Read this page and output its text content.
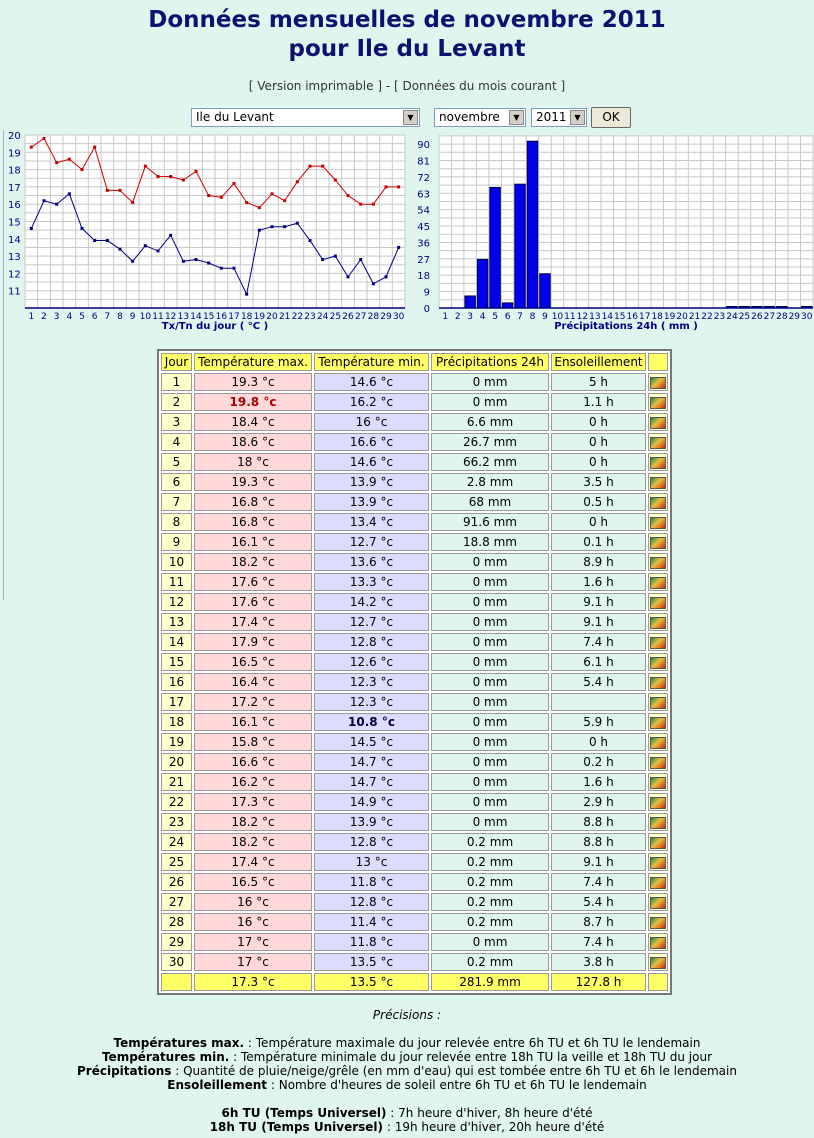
Données mensuelles de novembre 2011
pour Ile du Levant
[ Version imprimable ] - [ Données du mois courant ]
Ile du Levant	▼	novembre	▼	2011 ▼	OK
11
12
13
14
15
16
17
18
19
20
1 2 3 4 5 6 7 8 9 10 11 12 13 14 15 16 17 18 19 20 21 22 23 24 25 26 27 28 29 30
Tx/Tn du jour ( °C )
0
9
18
27
36
45
54
63
72
81
90
1 2 3 4 5 6 7 8 9 10 11 12 13 14 15 16 17 18 19 20 21 22 23 24 25 26 27 28 29 30
Précipitations 24h ( mm )
Jour	Température max.	Température min.	Précipitations 24h	Ensoleillement	
1	19.3 °c	14.6 °c	0 mm	5 h	
2	19.8 °c	16.2 °c	0 mm	1.1 h	
3	18.4 °c	16 °c	6.6 mm	0 h	
4	18.6 °c	16.6 °c	26.7 mm	0 h	
5	18 °c	14.6 °c	66.2 mm	0 h	
6	19.3 °c	13.9 °c	2.8 mm	3.5 h	
7	16.8 °c	13.9 °c	68 mm	0.5 h	
8	16.8 °c	13.4 °c	91.6 mm	0 h	
9	16.1 °c	12.7 °c	18.8 mm	0.1 h	
10	18.2 °c	13.6 °c	0 mm	8.9 h	
11	17.6 °c	13.3 °c	0 mm	1.6 h	
12	17.6 °c	14.2 °c	0 mm	9.1 h	
13	17.4 °c	12.7 °c	0 mm	9.1 h	
14	17.9 °c	12.8 °c	0 mm	7.4 h	
15	16.5 °c	12.6 °c	0 mm	6.1 h	
16	16.4 °c	12.3 °c	0 mm	5.4 h	
17	17.2 °c	12.3 °c	0 mm		
18	16.1 °c	10.8 °c	0 mm	5.9 h	
19	15.8 °c	14.5 °c	0 mm	0 h	
20	16.6 °c	14.7 °c	0 mm	0.2 h	
21	16.2 °c	14.7 °c	0 mm	1.6 h	
22	17.3 °c	14.9 °c	0 mm	2.9 h	
23	18.2 °c	13.9 °c	0 mm	8.8 h	
24	18.2 °c	12.8 °c	0.2 mm	8.8 h	
25	17.4 °c	13 °c	0.2 mm	9.1 h	
26	16.5 °c	11.8 °c	0.2 mm	7.4 h	
27	16 °c	12.8 °c	0.2 mm	5.4 h	
28	16 °c	11.4 °c	0.2 mm	8.7 h	
29	17 °c	11.8 °c	0 mm	7.4 h	
30	17 °c	13.5 °c	0.2 mm	3.8 h	
	17.3 °c	13.5 °c	281.9 mm	127.8 h	
Précisions :
Températures max. : Température maximale du jour relevée entre 6h TU et 6h TU le lendemain
Températures min. : Température minimale du jour relevée entre 18h TU la veille et 18h TU du jour
Précipitations : Quantité de pluie/neige/grêle (en mm d'eau) qui est tombée entre 6h TU et 6h le lendemain
Ensoleillement : Nombre d'heures de soleil entre 6h TU et 6h TU le lendemain
6h TU (Temps Universel) : 7h heure d'hiver, 8h heure d'été
18h TU (Temps Universel) : 19h heure d'hiver, 20h heure d'été
